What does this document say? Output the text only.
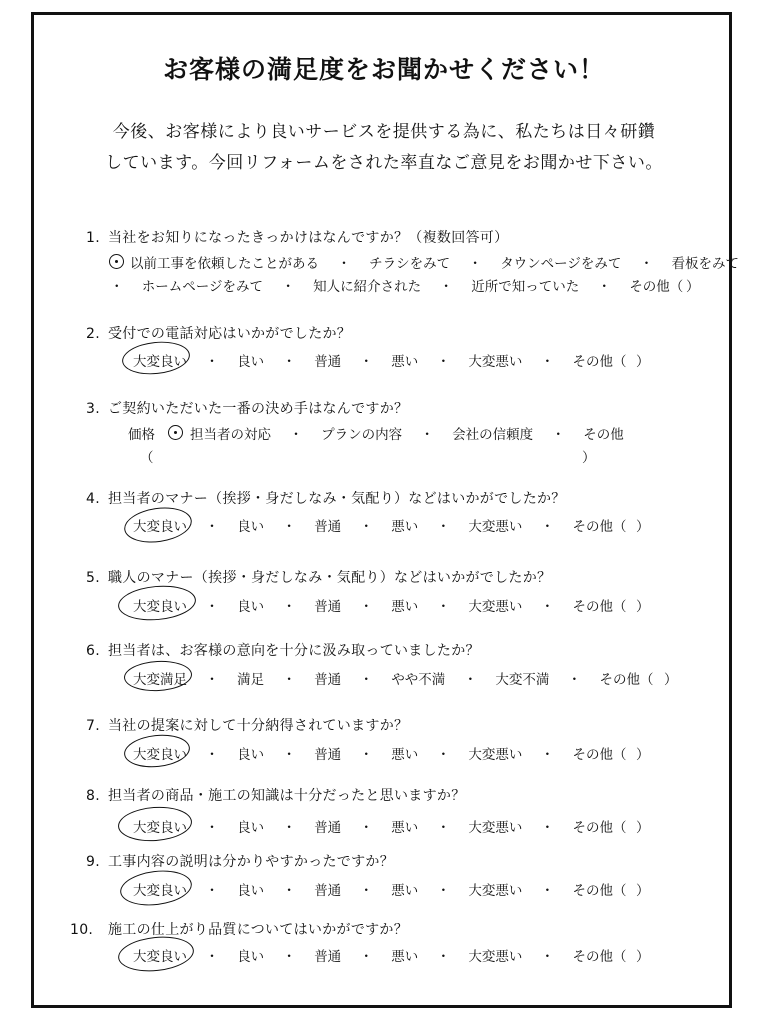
お客様の満足度をお聞かせください！
今後、お客様により良いサービスを提供する為に、私たちは日々研鑽
しています。今回リフォームをされた率直なご意見をお聞かせ下さい。
1. 当社をお知りになったきっかけはなんですか？（複数回答可）
以前工事を依頼したことがある ・ チラシをみて ・ タウンページをみて ・ 看板をみて
・ ホームページをみて ・ 知人に紹介された ・ 近所で知っていた ・ その他（ ）
2. 受付での電話対応はいかがでしたか？
大変良い ・ 良い ・ 普通 ・ 悪い ・ 大変悪い ・ その他（ ）
3. ご契約いただいた一番の決め手はなんですか？
価格	担当者の対応 ・ プランの内容 ・ 会社の信頼度 ・ その他
（	）
4. 担当者のマナー（挨拶・身だしなみ・気配り）などはいかがでしたか？
大変良い ・ 良い ・ 普通 ・ 悪い ・ 大変悪い ・ その他（ ）
5. 職人のマナー（挨拶・身だしなみ・気配り）などはいかがでしたか？
大変良い ・ 良い ・ 普通 ・ 悪い ・ 大変悪い ・ その他（ ）
6. 担当者は、お客様の意向を十分に汲み取っていましたか？
大変満足 ・ 満足 ・ 普通 ・ やや不満 ・ 大変不満 ・ その他（ ）
7. 当社の提案に対して十分納得されていますか？
大変良い ・ 良い ・ 普通 ・ 悪い ・ 大変悪い ・ その他（ ）
8. 担当者の商品・施工の知識は十分だったと思いますか？
大変良い ・ 良い ・ 普通 ・ 悪い ・ 大変悪い ・ その他（ ）
9. 工事内容の説明は分かりやすかったですか？
大変良い ・ 良い ・ 普通 ・ 悪い ・ 大変悪い ・ その他（ ）
10. 施工の仕上がり品質についてはいかがですか？
大変良い ・ 良い ・ 普通 ・ 悪い ・ 大変悪い ・ その他（ ）
